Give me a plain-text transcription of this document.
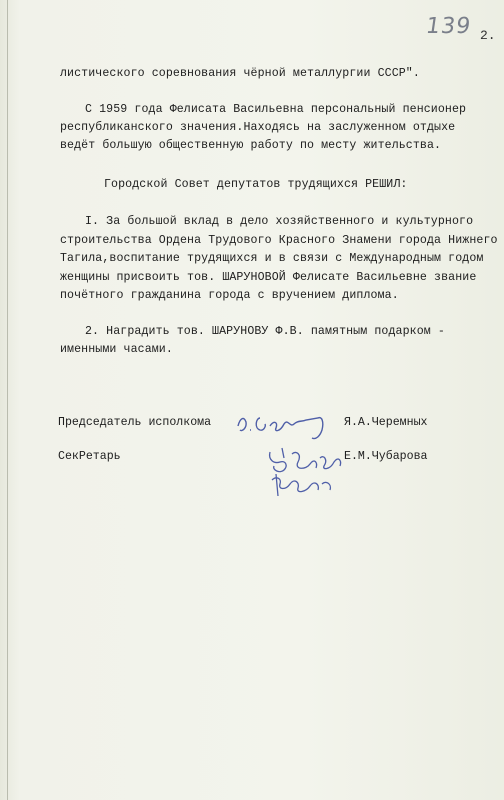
139 2.
листического соревнования чёрной металлургии СССР".
С 1959 года Фелисата Васильевна персональный пенсионер
республиканского значения.Находясь на заслуженном отдыхе
ведёт большую общественную работу по месту жительства.
Городской Совет депутатов трудящихся РЕШИЛ:
I. За большой вклад в дело хозяйственного и культурного
строительства Ордена Трудового Красного Знамени города Нижнего
Тагила,воспитание трудящихся и в связи с Международным годом
женщины присвоить тов. ШАРУНОВОЙ Фелисате Васильевне звание
почётного гражданина города с вручением диплома.
2. Наградить тов. ШАРУНОВУ Ф.В. памятным подарком -
именными часами.
Председатель исполкома	Я.А.Черемных
СекРетарь	Е.М.Чубарова
